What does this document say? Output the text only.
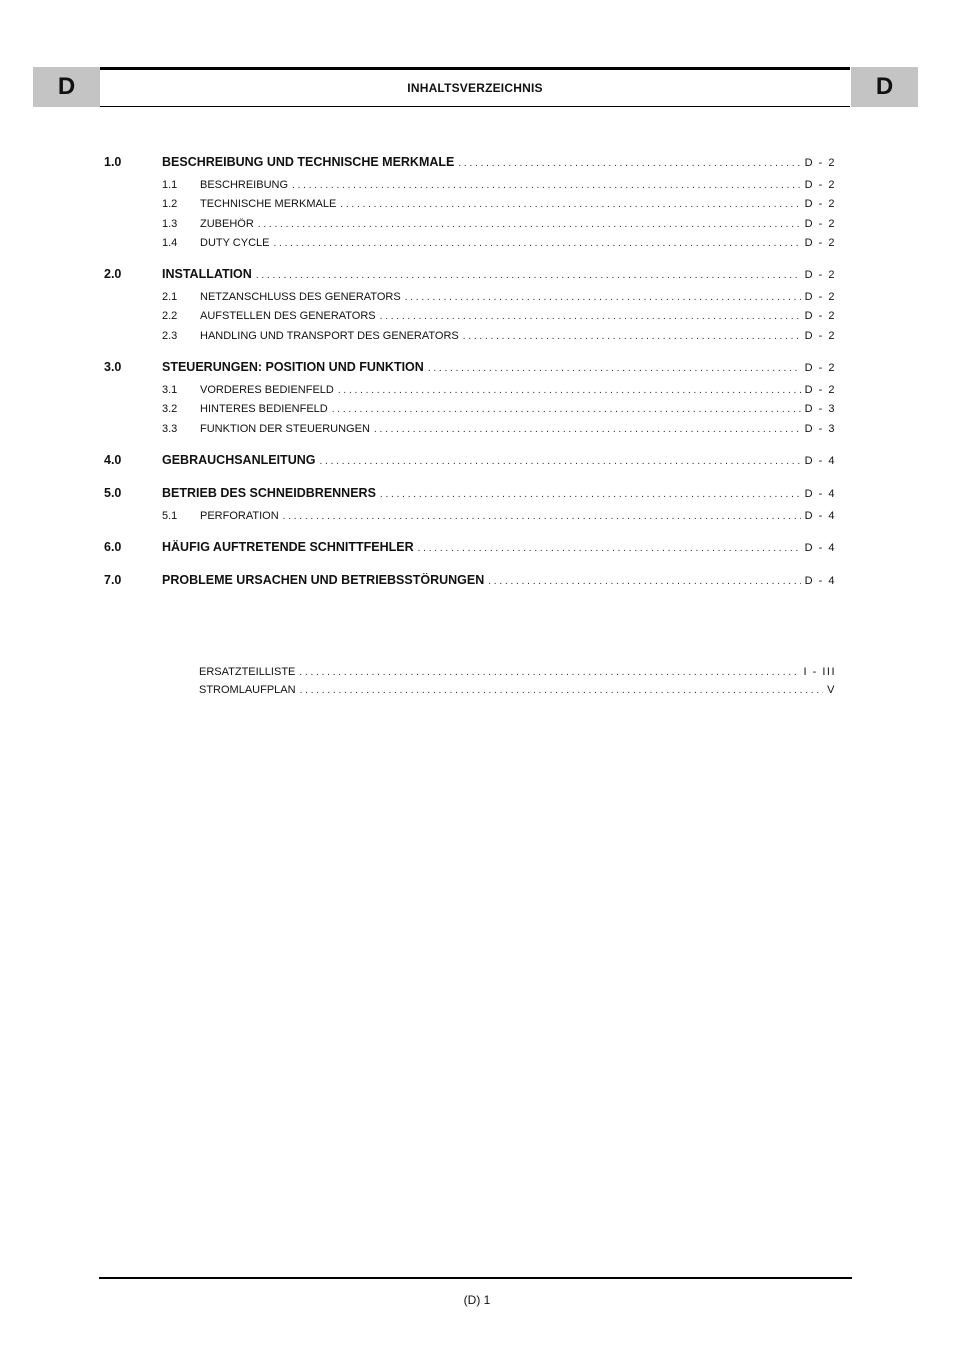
D	INHALTSVERZEICHNIS	D
1.0	BESCHREIBUNG UND TECHNISCHE MERKMALE . . .	D - 2
1.1	BESCHREIBUNG . . .	D - 2
1.2	TECHNISCHE MERKMALE . . .	D - 2
1.3	ZUBEHÖR . . .	D - 2
1.4	DUTY CYCLE . . .	D - 2
2.0	INSTALLATION . . .	D - 2
2.1	NETZANSCHLUSS DES GENERATORS . . .	D - 2
2.2	AUFSTELLEN DES GENERATORS . . .	D - 2
2.3	HANDLING UND TRANSPORT DES GENERATORS . . .	D - 2
3.0	STEUERUNGEN: POSITION UND FUNKTION . . .	D - 2
3.1	VORDERES BEDIENFELD . . .	D - 2
3.2	HINTERES BEDIENFELD . . .	D - 3
3.3	FUNKTION DER STEUERUNGEN . . .	D - 3
4.0	GEBRAUCHSANLEITUNG . . .	D - 4
5.0	BETRIEB DES SCHNEIDBRENNERS . . .	D - 4
5.1	PERFORATION . . .	D - 4
6.0	HÄUFIG AUFTRETENDE SCHNITTFEHLER . . .	D - 4
7.0	PROBLEME URSACHEN UND BETRIEBSSTÖRUNGEN . . .	D - 4
ERSATZTEILLISTE . . .	I - III
STROMLAUFPLAN . . .	V
(D) 1
